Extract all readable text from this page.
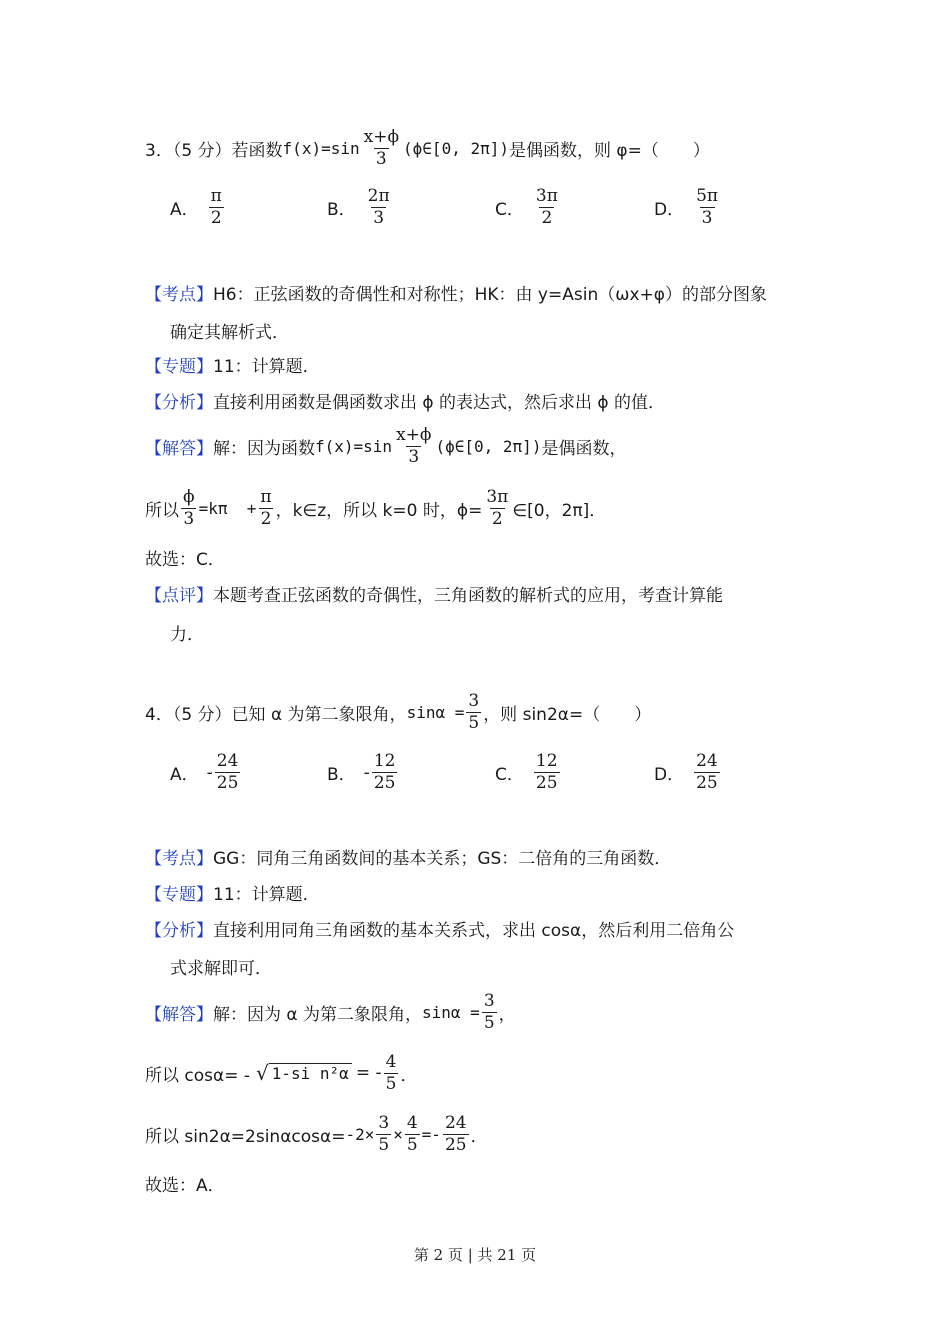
3．（5 分）若函数 $f(x)=\sin \frac{x+\phi}{3}$ (ϕ∈[0, 2π]) 是偶函数，则 φ=（　　）
A． $\frac{\pi}{2}$	B． $\frac{2\pi}{3}$	C． $\frac{3\pi}{2}$	D． $\frac{5\pi}{3}$
【考点】 H6：正弦函数的奇偶性和对称性；HK：由 y=Asin（ωx+φ）的部分图象
确定其解析式．
【专题】 11：计算题．
【分析】 直接利用函数是偶函数求出 ϕ 的表达式，然后求出 ϕ 的值．
【解答】 解：因为函数 $f(x)=\sin \frac{x+\phi}{3}$ (ϕ∈[0, 2π]) 是偶函数，
所以 $\frac{\phi}{3} =k\pi + \frac{\pi}{2}$ ，k∈z，所以 k=0 时，$\phi= \frac{3\pi}{2}$ ∈[0，2π]．
故选：C．
【点评】 本题考查正弦函数的奇偶性，三角函数的解析式的应用，考查计算能
力．
4．（5 分）已知 α 为第二象限角， $\sin\alpha = \frac{3}{5}$ ，则 sin2α=（　　）
A． - $\frac{24}{25}$	B． - $\frac{12}{25}$	C． $\frac{12}{25}$	D． $\frac{24}{25}$
【考点】 GG：同角三角函数间的基本关系；GS：二倍角的三角函数．
【专题】 11：计算题．
【分析】 直接利用同角三角函数的基本关系式，求出 cosα，然后利用二倍角公
式求解即可．
【解答】 解：因为 α 为第二象限角， $\sin\alpha = \frac{3}{5}$ ，
所以 cosα= - √ 1-si n²α = - $\frac{4}{5}$ ．
所以 $\sin 2\alpha=2\sin\alpha\cos\alpha= -2\times \frac{3}{5} \times \frac{4}{5} =- \frac{24}{25}$ ．
故选：A．
第 2 页 | 共 21 页
